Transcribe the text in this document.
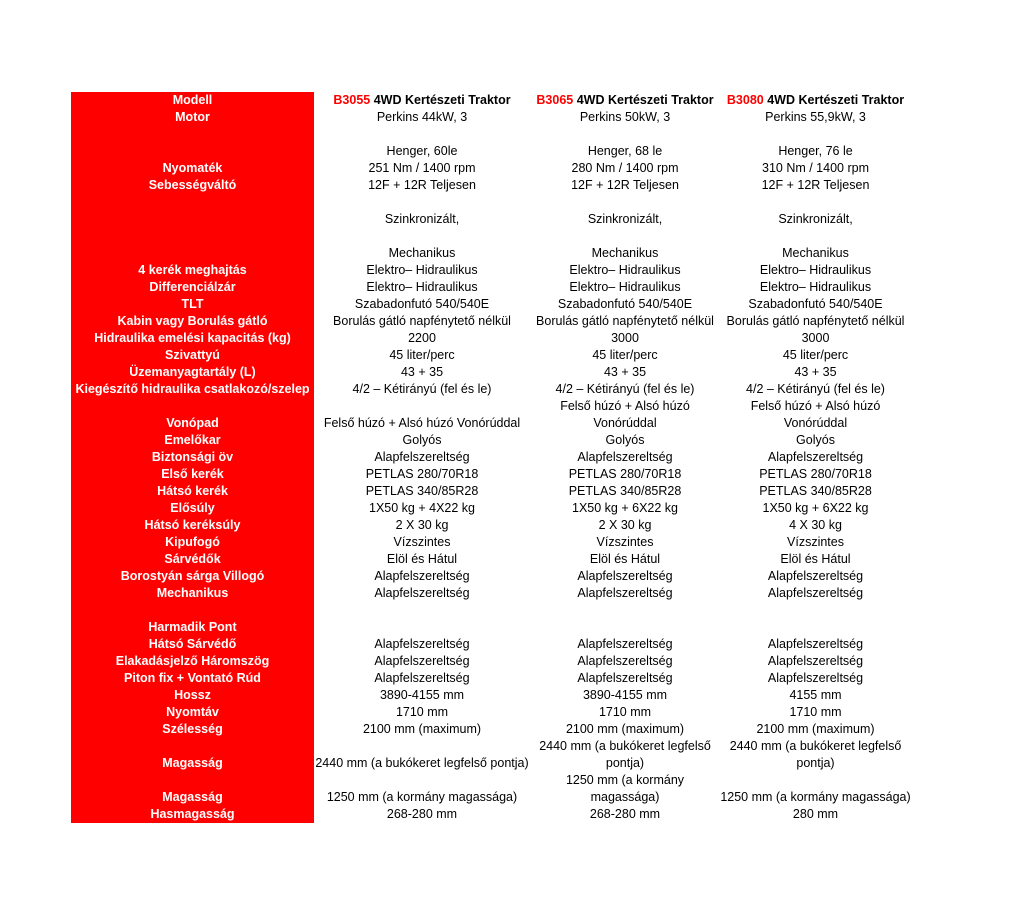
Modell	B3055 4WD Kertészeti Traktor	B3065 4WD Kertészeti Traktor	B3080 4WD Kertészeti Traktor
Motor	Perkins 44kW, 3	Perkins 50kW, 3	Perkins 55,9kW, 3

	Henger, 60le	Henger, 68 le	Henger, 76 le
Nyomaték	251 Nm / 1400 rpm	280 Nm / 1400 rpm	310 Nm / 1400 rpm
Sebességváltó	12F + 12R Teljesen	12F + 12R Teljesen	12F + 12R Teljesen

	Szinkronizált,	Szinkronizált,	Szinkronizált,

	Mechanikus	Mechanikus	Mechanikus
4 kerék meghajtás	Elektro– Hidraulikus	Elektro– Hidraulikus	Elektro– Hidraulikus
Differenciálzár	Elektro– Hidraulikus	Elektro– Hidraulikus	Elektro– Hidraulikus
TLT	Szabadonfutó 540/540E	Szabadonfutó 540/540E	Szabadonfutó 540/540E
Kabin vagy Borulás gátló	Borulás gátló napfénytető nélkül	Borulás gátló napfénytető nélkül	Borulás gátló napfénytető nélkül
Hidraulika emelési kapacitás (kg)	2200	3000	3000
Szivattyú	45 liter/perc	45 liter/perc	45 liter/perc
Üzemanyagtartály (L)	43 + 35	43 + 35	43 + 35
Kiegészítő hidraulika csatlakozó/szelep	4/2 – Kétirányú (fel és le)	4/2 – Kétirányú (fel és le)	4/2 – Kétirányú (fel és le)
Vonópad	Felső húzó + Alsó húzó Vonórúddal	Felső húzó + Alsó húzó Vonórúddal	Felső húzó + Alsó húzó Vonórúddal
Emelőkar	Golyós	Golyós	Golyós
Biztonsági öv	Alapfelszereltség	Alapfelszereltség	Alapfelszereltség
Első kerék	PETLAS 280/70R18	PETLAS 280/70R18	PETLAS 280/70R18
Hátsó kerék	PETLAS 340/85R28	PETLAS 340/85R28	PETLAS 340/85R28
Elősúly	1X50 kg + 4X22 kg	1X50 kg + 6X22 kg	1X50 kg + 6X22 kg
Hátsó keréksúly	2 X 30 kg	2 X 30 kg	4 X 30 kg
Kipufogó	Vízszintes	Vízszintes	Vízszintes
Sárvédők	Elöl és Hátul	Elöl és Hátul	Elöl és Hátul
Borostyán sárga Villogó	Alapfelszereltség	Alapfelszereltség	Alapfelszereltség
Mechanikus	Alapfelszereltség	Alapfelszereltség	Alapfelszereltség

Harmadik Pont			
Hátsó Sárvédő	Alapfelszereltség	Alapfelszereltség	Alapfelszereltség
Elakadásjelző Háromszög	Alapfelszereltség	Alapfelszereltség	Alapfelszereltség
Piton fix + Vontató Rúd	Alapfelszereltség	Alapfelszereltség	Alapfelszereltség
Hossz	3890-4155 mm	3890-4155 mm	4155 mm
Nyomtáv	1710 mm	1710 mm	1710 mm
Szélesség	2100 mm (maximum)	2100 mm (maximum)	2100 mm (maximum)
Magasság	2440 mm (a bukókeret legfelső pontja)	2440 mm (a bukókeret legfelső pontja)	2440 mm (a bukókeret legfelső pontja)
Magasság	1250 mm (a kormány magassága)	1250 mm (a kormány magassága)	1250 mm (a kormány magassága)
Hasmagasság	268-280 mm	268-280 mm	280 mm
